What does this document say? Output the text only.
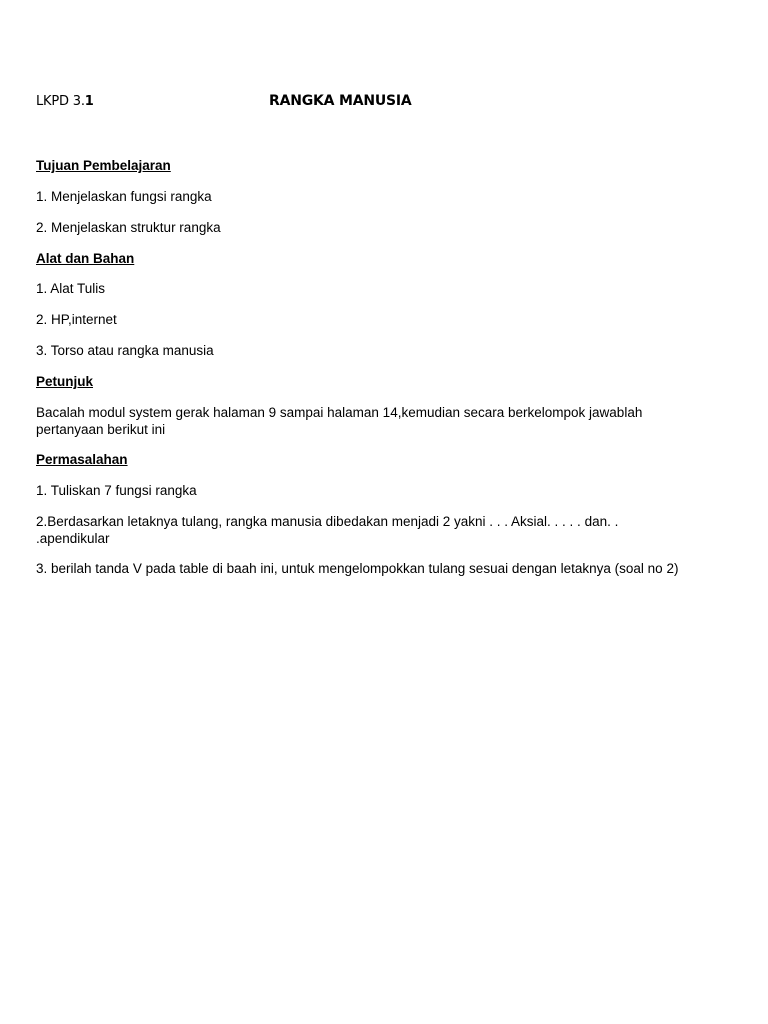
LKPD 3.1	RANGKA MANUSIA
Tujuan Pembelajaran
1. Menjelaskan fungsi rangka
2. Menjelaskan struktur rangka
Alat dan Bahan
1. Alat Tulis
2. HP,internet
3. Torso atau rangka manusia
Petunjuk
Bacalah modul system gerak halaman 9 sampai halaman 14,kemudian secara berkelompok jawablah
pertanyaan berikut ini
Permasalahan
1. Tuliskan 7 fungsi rangka
2.Berdasarkan letaknya tulang, rangka manusia dibedakan menjadi 2 yakni . . . Aksial. . . . . dan. .
.apendikular
3. berilah tanda V pada table di baah ini, untuk mengelompokkan tulang sesuai dengan letaknya (soal no 2)
